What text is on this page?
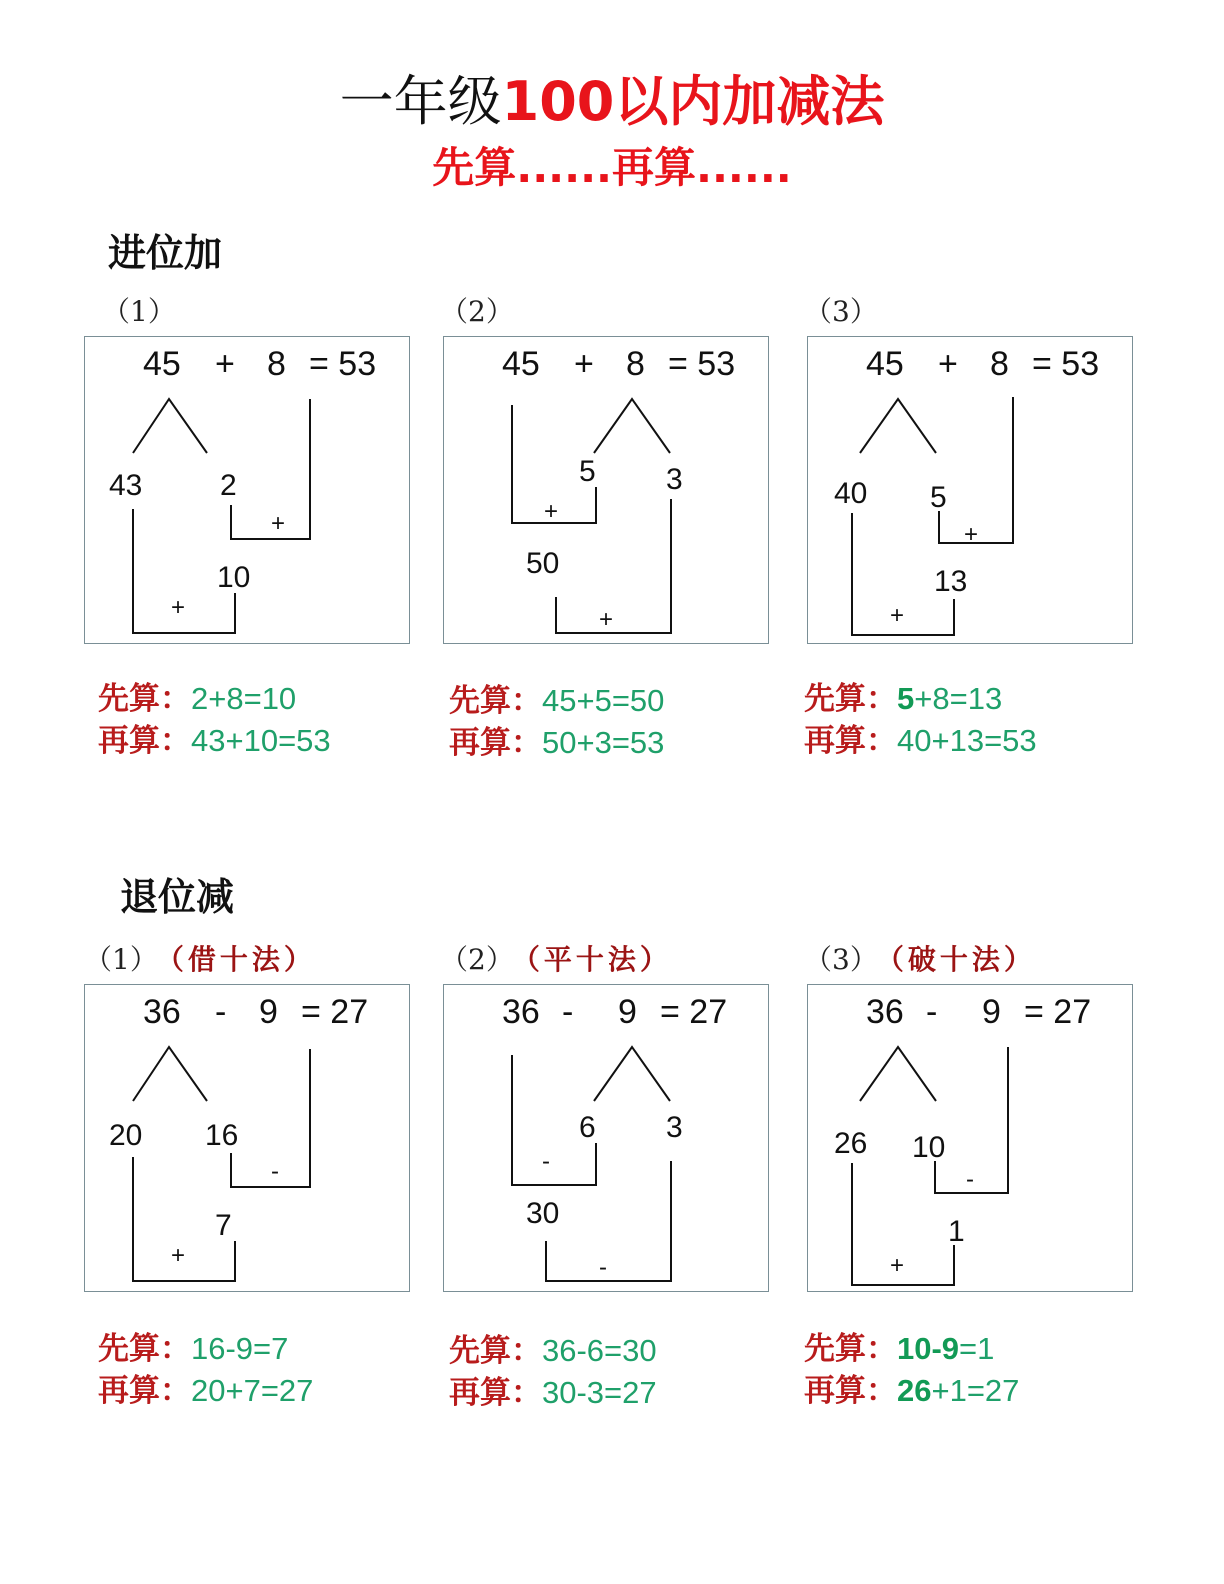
一年级100以内加减法
先算......再算......
进位加
（1）	（2）	（3）
45 + 8 = 53
43	2
10
+
+
45 + 8 = 53
5 3
50
+
+
45 + 8 = 53
40 5
13
+
+
先算：2+8=10
再算：43+10=53
先算：45+5=50
再算：50+3=53
先算：5+8=13
再算：40+13=53
退位减
（1） （借十法）	（2） （平十法）	（3） （破十法）
36 - 9 = 27
20 16
7
-
+
36 - 9 = 27
6 3
30
-
-
36 - 9 = 27
26 10
1
-
+
先算：16-9=7
再算：20+7=27
先算：36-6=30
再算：30-3=27
先算：10-9=1
再算：26+1=27
